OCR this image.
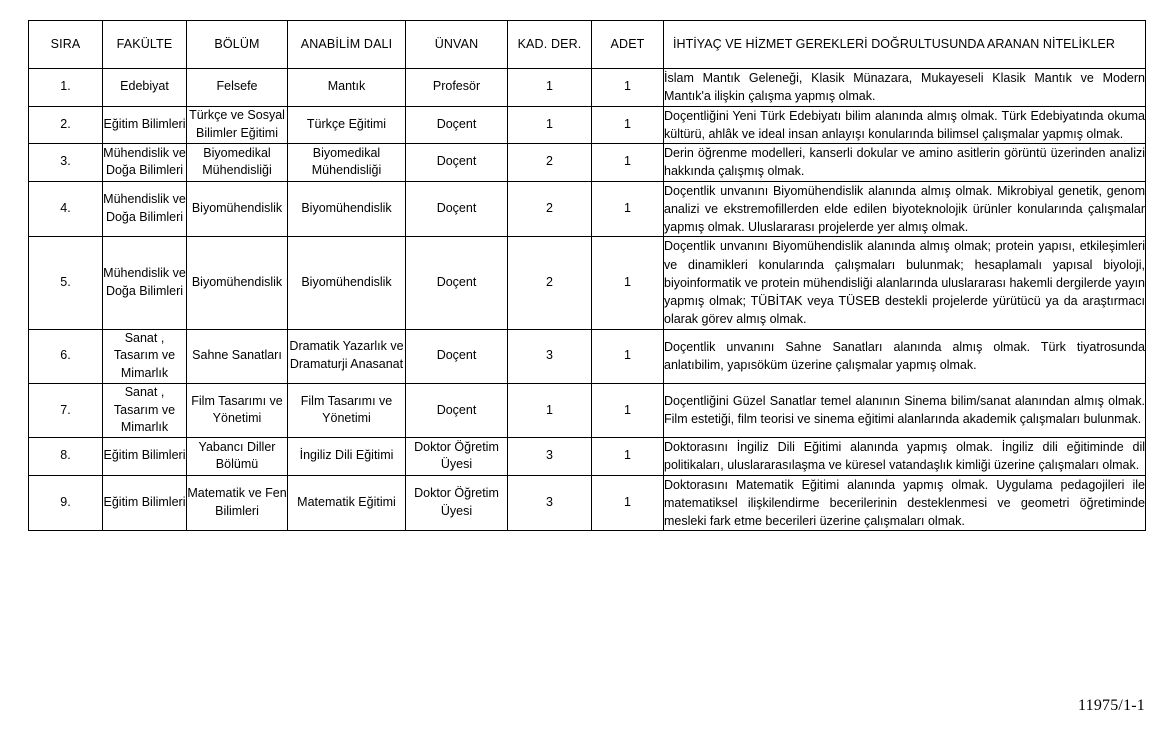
SIRA	FAKÜLTE	BÖLÜM	ANABİLİM DALI	ÜNVAN	KAD. DER.	ADET	İHTİYAÇ VE HİZMET GEREKLERİ DOĞRULTUSUNDA ARANAN NİTELİKLER
1.	Edebiyat	Felsefe	Mantık	Profesör	1	1	İslam Mantık Geleneği, Klasik Münazara, Mukayeseli Klasik Mantık ve Modern Mantık'a ilişkin çalışma yapmış olmak.
2.	Eğitim Bilimleri	Türkçe ve Sosyal Bilimler Eğitimi	Türkçe Eğitimi	Doçent	1	1	Doçentliğini Yeni Türk Edebiyatı bilim alanında almış olmak. Türk Edebiyatında okuma kültürü, ahlâk ve ideal insan anlayışı konularında bilimsel çalışmalar yapmış olmak.
3.	Mühendislik ve Doğa Bilimleri	Biyomedikal Mühendisliği	Biyomedikal Mühendisliği	Doçent	2	1	Derin öğrenme modelleri, kanserli dokular ve amino asitlerin görüntü üzerinden analizi hakkında çalışmış olmak.
4.	Mühendislik ve Doğa Bilimleri	Biyomühendislik	Biyomühendislik	Doçent	2	1	Doçentlik unvanını Biyomühendislik alanında almış olmak. Mikrobiyal genetik, genom analizi ve ekstremofillerden elde edilen biyoteknolojik ürünler konularında çalışmalar yapmış olmak. Uluslararası projelerde yer almış olmak.
5.	Mühendislik ve Doğa Bilimleri	Biyomühendislik	Biyomühendislik	Doçent	2	1	Doçentlik unvanını Biyomühendislik alanında almış olmak; protein yapısı, etkileşimleri ve dinamikleri konularında çalışmaları bulunmak; hesaplamalı yapısal biyoloji, biyoinformatik ve protein mühendisliği alanlarında uluslararası hakemli dergilerde yayın yapmış olmak; TÜBİTAK veya TÜSEB destekli projelerde yürütücü ya da araştırmacı olarak görev almış olmak.
6.	Sanat , Tasarım ve Mimarlık	Sahne Sanatları	Dramatik Yazarlık ve Dramaturji Anasanat	Doçent	3	1	Doçentlik unvanını Sahne Sanatları alanında almış olmak. Türk tiyatrosunda anlatıbilim, yapısöküm üzerine çalışmalar yapmış olmak.
7.	Sanat , Tasarım ve Mimarlık	Film Tasarımı ve Yönetimi	Film Tasarımı ve Yönetimi	Doçent	1	1	Doçentliğini Güzel Sanatlar temel alanının Sinema bilim/sanat alanından almış olmak. Film estetiği, film teorisi ve sinema eğitimi alanlarında akademik çalışmaları bulunmak.
8.	Eğitim Bilimleri	Yabancı Diller Bölümü	İngiliz Dili Eğitimi	Doktor Öğretim Üyesi	3	1	Doktorasını İngiliz Dili Eğitimi alanında yapmış olmak. İngiliz dili eğitiminde dil politikaları, uluslararasılaşma ve küresel vatandaşlık kimliği üzerine çalışmaları olmak.
9.	Eğitim Bilimleri	Matematik ve Fen Bilimleri	Matematik Eğitimi	Doktor Öğretim Üyesi	3	1	Doktorasını Matematik Eğitimi alanında yapmış olmak. Uygulama pedagojileri ile matematiksel ilişkilendirme becerilerinin desteklenmesi ve geometri öğretiminde mesleki fark etme becerileri üzerine çalışmaları olmak.
11975/1-1
